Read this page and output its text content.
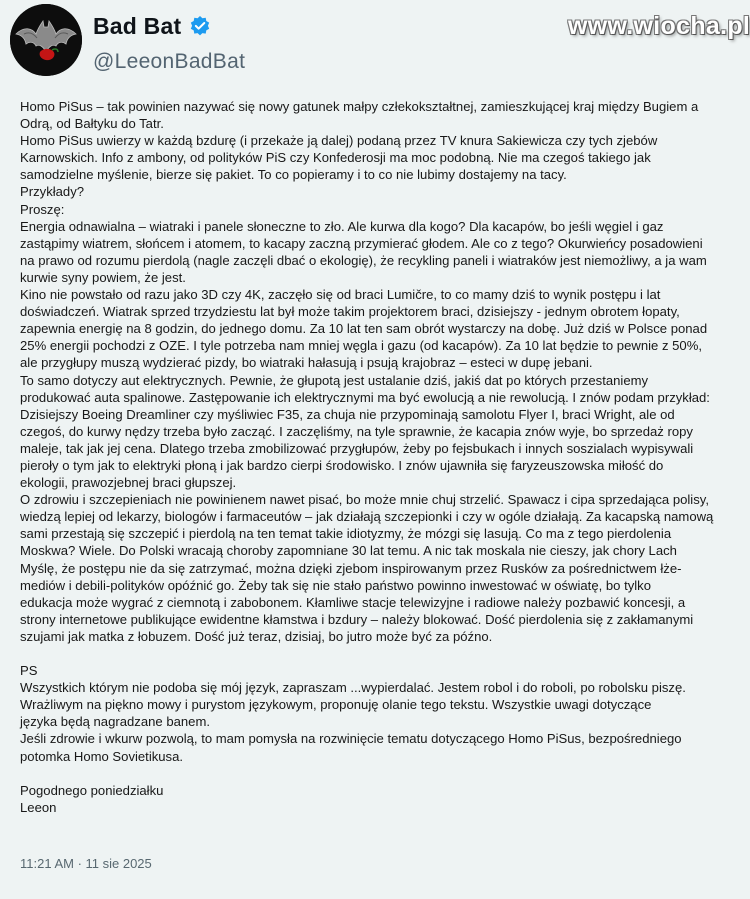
Bad Bat
@LeeonBadBat
www.wiocha.pl
Homo PiSus – tak powinien nazywać się nowy gatunek małpy człekokształtnej, zamieszkującej kraj między Bugiem a
Odrą, od Bałtyku do Tatr.
Homo PiSus uwierzy w każdą bzdurę (i przekaże ją dalej) podaną przez TV knura Sakiewicza czy tych zjebów
Karnowskich. Info z ambony, od polityków PiS czy Konfederosji ma moc podobną. Nie ma czegoś takiego jak
samodzielne myślenie, bierze się pakiet. To co popieramy i to co nie lubimy dostajemy na tacy.
Przykłady?
Proszę:
Energia odnawialna – wiatraki i panele słoneczne to zło. Ale kurwa dla kogo? Dla kacapów, bo jeśli węgiel i gaz
zastąpimy wiatrem, słońcem i atomem, to kacapy zaczną przymierać głodem. Ale co z tego? Okurwieńcy posadowieni
na prawo od rozumu pierdolą (nagle zaczęli dbać o ekologię), że recykling paneli i wiatraków jest niemożliwy, a ja wam
kurwie syny powiem, że jest.
Kino nie powstało od razu jako 3D czy 4K, zaczęło się od braci Lumičre, to co mamy dziś to wynik postępu i lat
doświadczeń. Wiatrak sprzed trzydziestu lat był może takim projektorem braci, dzisiejszy - jednym obrotem łopaty,
zapewnia energię na 8 godzin, do jednego domu. Za 10 lat ten sam obrót wystarczy na dobę. Już dziś w Polsce ponad
25% energii pochodzi z OZE. I tyle potrzeba nam mniej węgla i gazu (od kacapów). Za 10 lat będzie to pewnie z 50%,
ale przygłupy muszą wydzierać pizdy, bo wiatraki hałasują i psują krajobraz – esteci w dupę jebani.
To samo dotyczy aut elektrycznych. Pewnie, że głupotą jest ustalanie dziś, jakiś dat po których przestaniemy
produkować auta spalinowe. Zastępowanie ich elektrycznymi ma być ewolucją a nie rewolucją. I znów podam przykład:
Dzisiejszy Boeing Dreamliner czy myśliwiec F35, za chuja nie przypominają samolotu Flyer I, braci Wright, ale od
czegoś, do kurwy nędzy trzeba było zacząć. I zaczęliśmy, na tyle sprawnie, że kacapia znów wyje, bo sprzedaż ropy
maleje, tak jak jej cena. Dlatego trzeba zmobilizować przygłupów, żeby po fejsbukach i innych soszialach wypisywali
pieroły o tym jak to elektryki płoną i jak bardzo cierpi środowisko. I znów ujawniła się faryzeuszowska miłość do
ekologii, prawozjebnej braci głupszej.
O zdrowiu i szczepieniach nie powinienem nawet pisać, bo może mnie chuj strzelić. Spawacz i cipa sprzedająca polisy,
wiedzą lepiej od lekarzy, biologów i farmaceutów – jak działają szczepionki i czy w ogóle działają. Za kacapską namową
sami przestają się szczepić i pierdolą na ten temat takie idiotyzmy, że mózgi się lasują. Co ma z tego pierdolenia
Moskwa? Wiele. Do Polski wracają choroby zapomniane 30 lat temu. A nic tak moskala nie cieszy, jak chory Lach
Myślę, że postępu nie da się zatrzymać, można dzięki zjebom inspirowanym przez Rusków za pośrednictwem łże-
mediów i debili-polityków opóźnić go. Żeby tak się nie stało państwo powinno inwestować w oświatę, bo tylko
edukacja może wygrać z ciemnotą i zabobonem. Kłamliwe stacje telewizyjne i radiowe należy pozbawić koncesji, a
strony internetowe publikujące ewidentne kłamstwa i bzdury – należy blokować. Dość pierdolenia się z zakłamanymi
szujami jak matka z łobuzem. Dość już teraz, dzisiaj, bo jutro może być za późno.
PS
Wszystkich którym nie podoba się mój język, zapraszam ...wypierdalać. Jestem robol i do roboli, po robolsku piszę.
Wrażliwym na piękno mowy i purystom językowym, proponuję olanie tego tekstu. Wszystkie uwagi dotyczące
języka będą nagradzane banem.
Jeśli zdrowie i wkurw pozwolą, to mam pomysła na rozwinięcie tematu dotyczącego Homo PiSus, bezpośredniego
potomka Homo Sovietikusa.
Pogodnego poniedziałku
Leeon
11:21 AM · 11 sie 2025
